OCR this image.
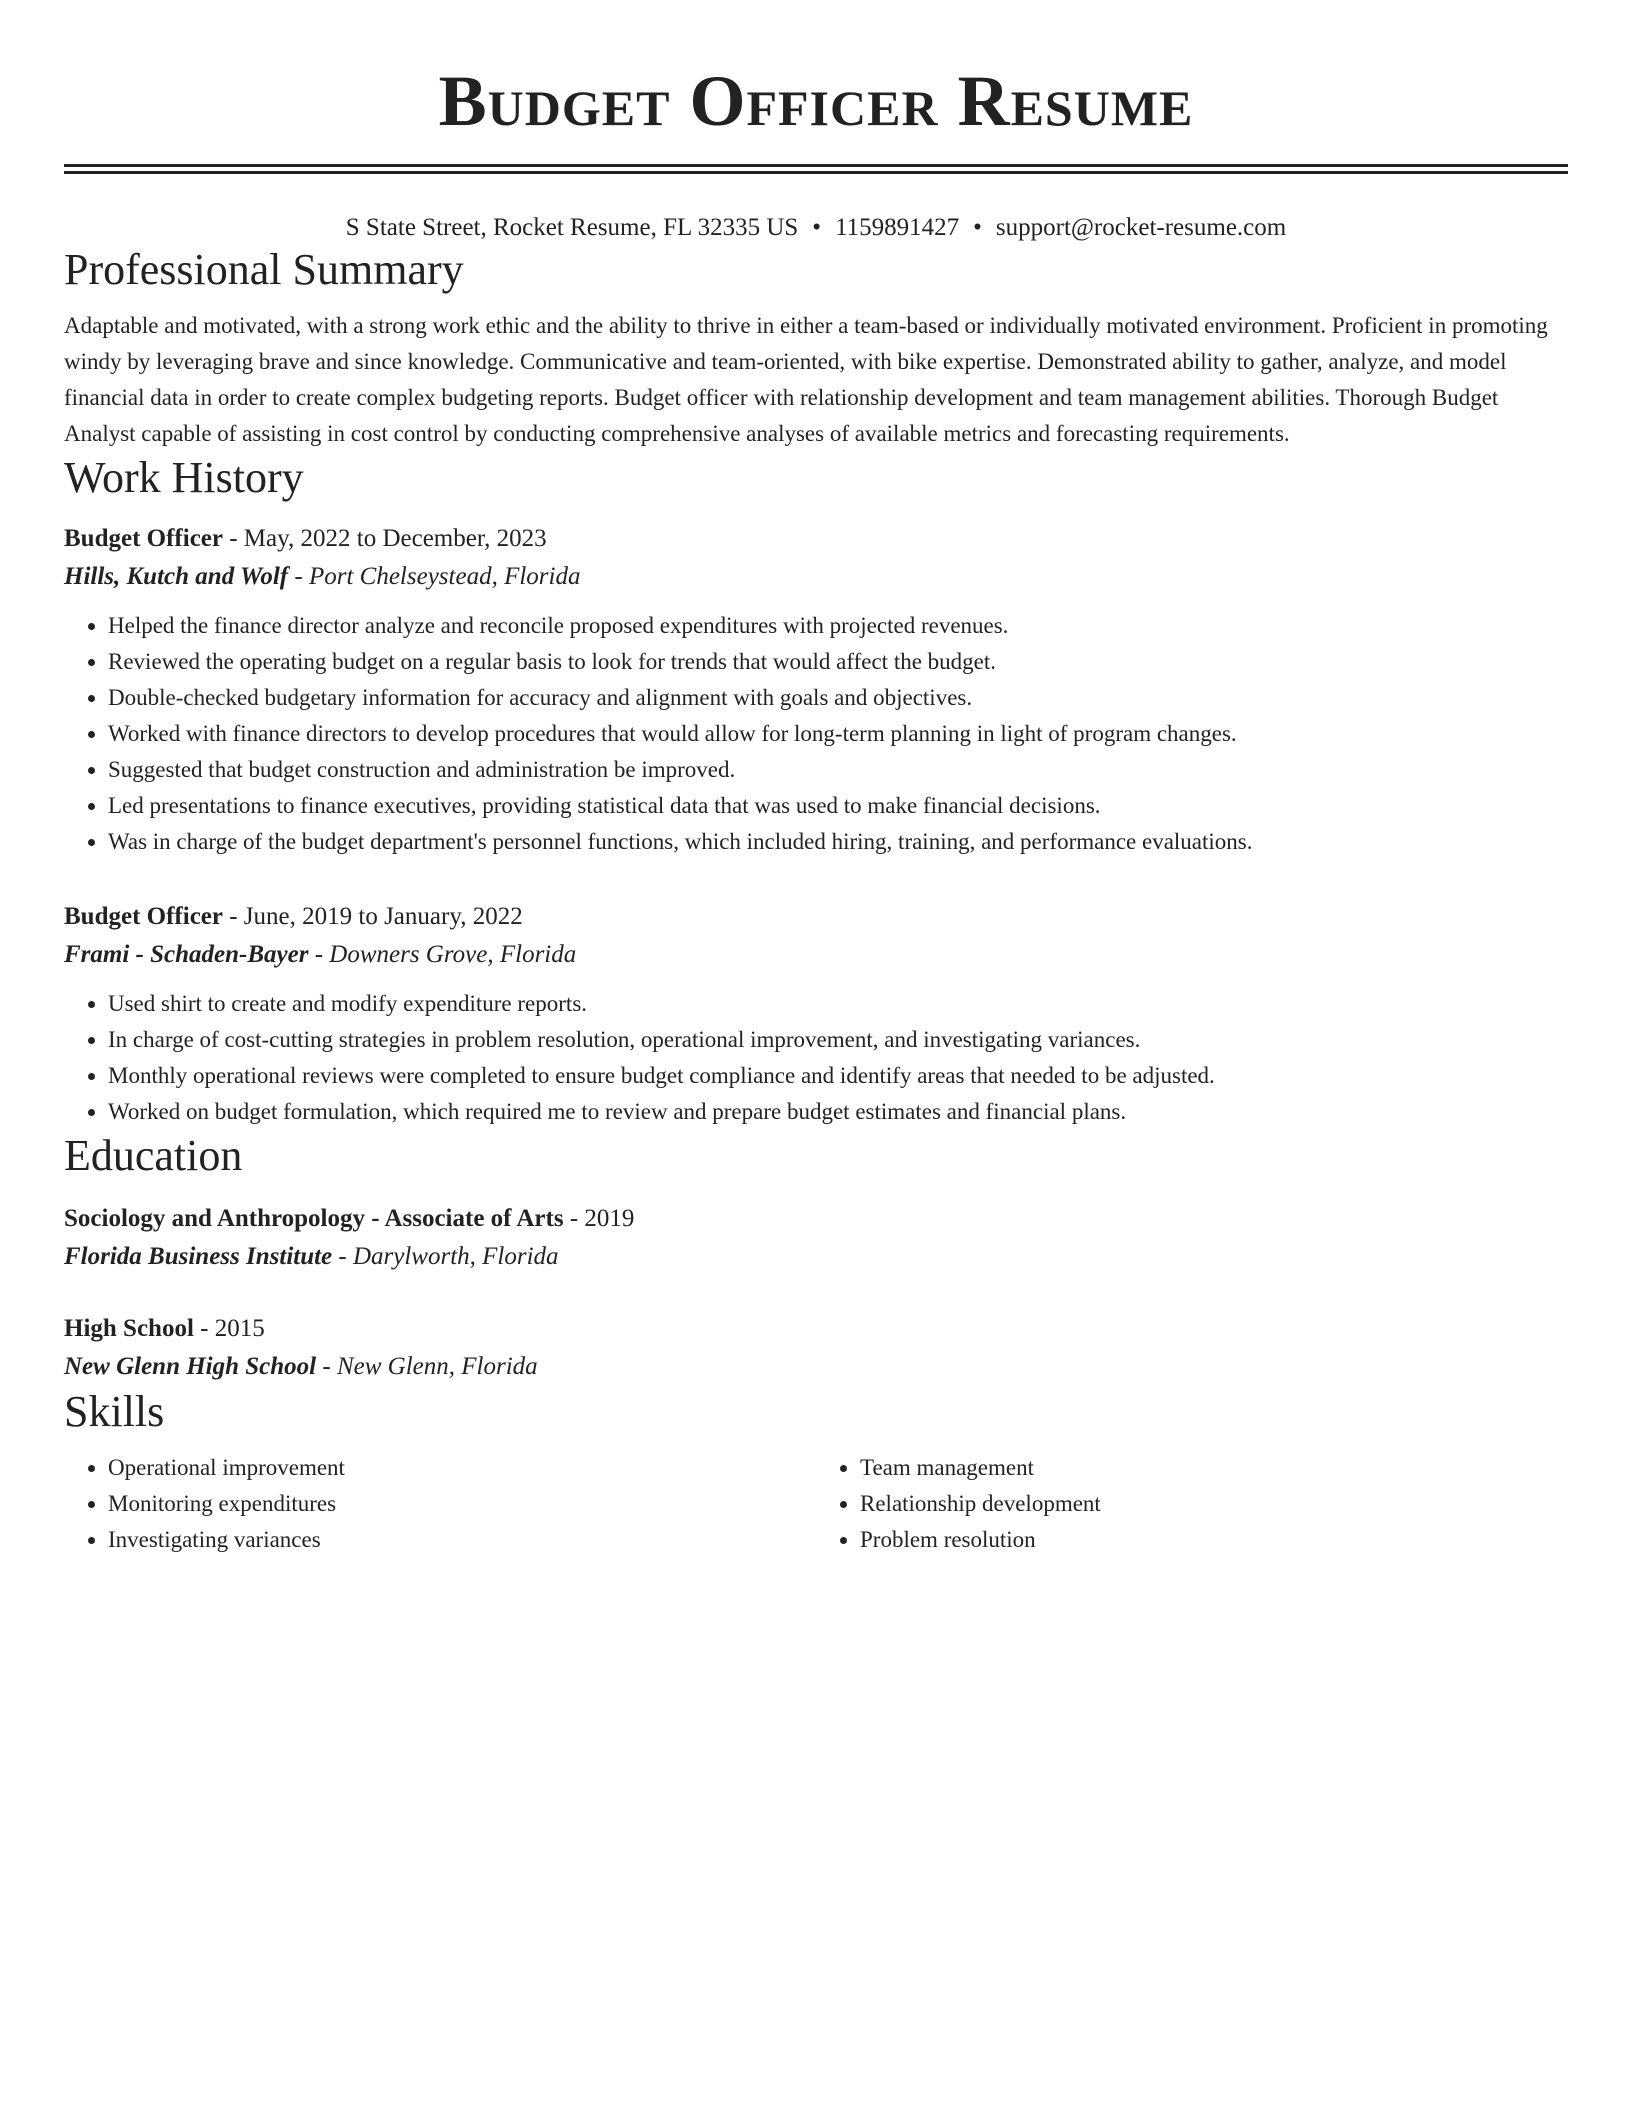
Budget Officer Resume
S State Street, Rocket Resume, FL 32335 US • 1159891427 • support@rocket-resume.com
Professional Summary
Adaptable and motivated, with a strong work ethic and the ability to thrive in either a team-based or individually motivated environment. Proficient in promoting windy by leveraging brave and since knowledge. Communicative and team-oriented, with bike expertise. Demonstrated ability to gather, analyze, and model financial data in order to create complex budgeting reports. Budget officer with relationship development and team management abilities. Thorough Budget Analyst capable of assisting in cost control by conducting comprehensive analyses of available metrics and forecasting requirements.
Work History
Budget Officer - May, 2022 to December, 2023
Hills, Kutch and Wolf - Port Chelseystead, Florida
• Helped the finance director analyze and reconcile proposed expenditures with projected revenues.
• Reviewed the operating budget on a regular basis to look for trends that would affect the budget.
• Double-checked budgetary information for accuracy and alignment with goals and objectives.
• Worked with finance directors to develop procedures that would allow for long-term planning in light of program changes.
• Suggested that budget construction and administration be improved.
• Led presentations to finance executives, providing statistical data that was used to make financial decisions.
• Was in charge of the budget department's personnel functions, which included hiring, training, and performance evaluations.
Budget Officer - June, 2019 to January, 2022
Frami - Schaden-Bayer - Downers Grove, Florida
• Used shirt to create and modify expenditure reports.
• In charge of cost-cutting strategies in problem resolution, operational improvement, and investigating variances.
• Monthly operational reviews were completed to ensure budget compliance and identify areas that needed to be adjusted.
• Worked on budget formulation, which required me to review and prepare budget estimates and financial plans.
Education
Sociology and Anthropology - Associate of Arts - 2019
Florida Business Institute - Darylworth, Florida
High School - 2015
New Glenn High School - New Glenn, Florida
Skills
• Operational improvement
• Monitoring expenditures
• Investigating variances
• Team management
• Relationship development
• Problem resolution
